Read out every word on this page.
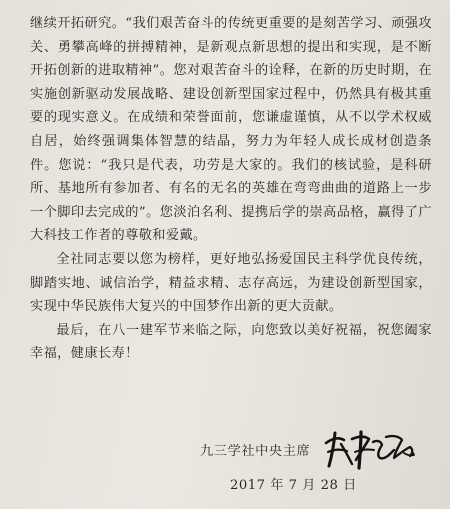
继续开拓研究。“我们艰苦奋斗的传统更重要的是刻苦学习、顽强攻关、勇攀高峰的拼搏精神，是新观点新思想的提出和实现，是不断开拓创新的进取精神”。您对艰苦奋斗的诠释，在新的历史时期，在实施创新驱动发展战略、建设创新型国家过程中，仍然具有极其重要的现实意义。在成绩和荣誉面前，您谦虚谨慎，从不以学术权威自居，始终强调集体智慧的结晶，努力为年轻人成长成材创造条件。您说：“我只是代表，功劳是大家的。我们的核试验，是科研所、基地所有参加者、有名的无名的英雄在弯弯曲曲的道路上一步一个脚印去完成的”。您淡泊名利、提携后学的崇高品格，赢得了广大科技工作者的尊敬和爱戴。

全社同志要以您为榜样，更好地弘扬爱国民主科学优良传统，脚踏实地、诚信治学，精益求精、志存高远，为建设创新型国家，实现中华民族伟大复兴的中国梦作出新的更大贡献。

最后，在八一建军节来临之际，向您致以美好祝福，祝您阖家幸福，健康长寿！

九三学社中央主席
2017 年 7 月 28 日
